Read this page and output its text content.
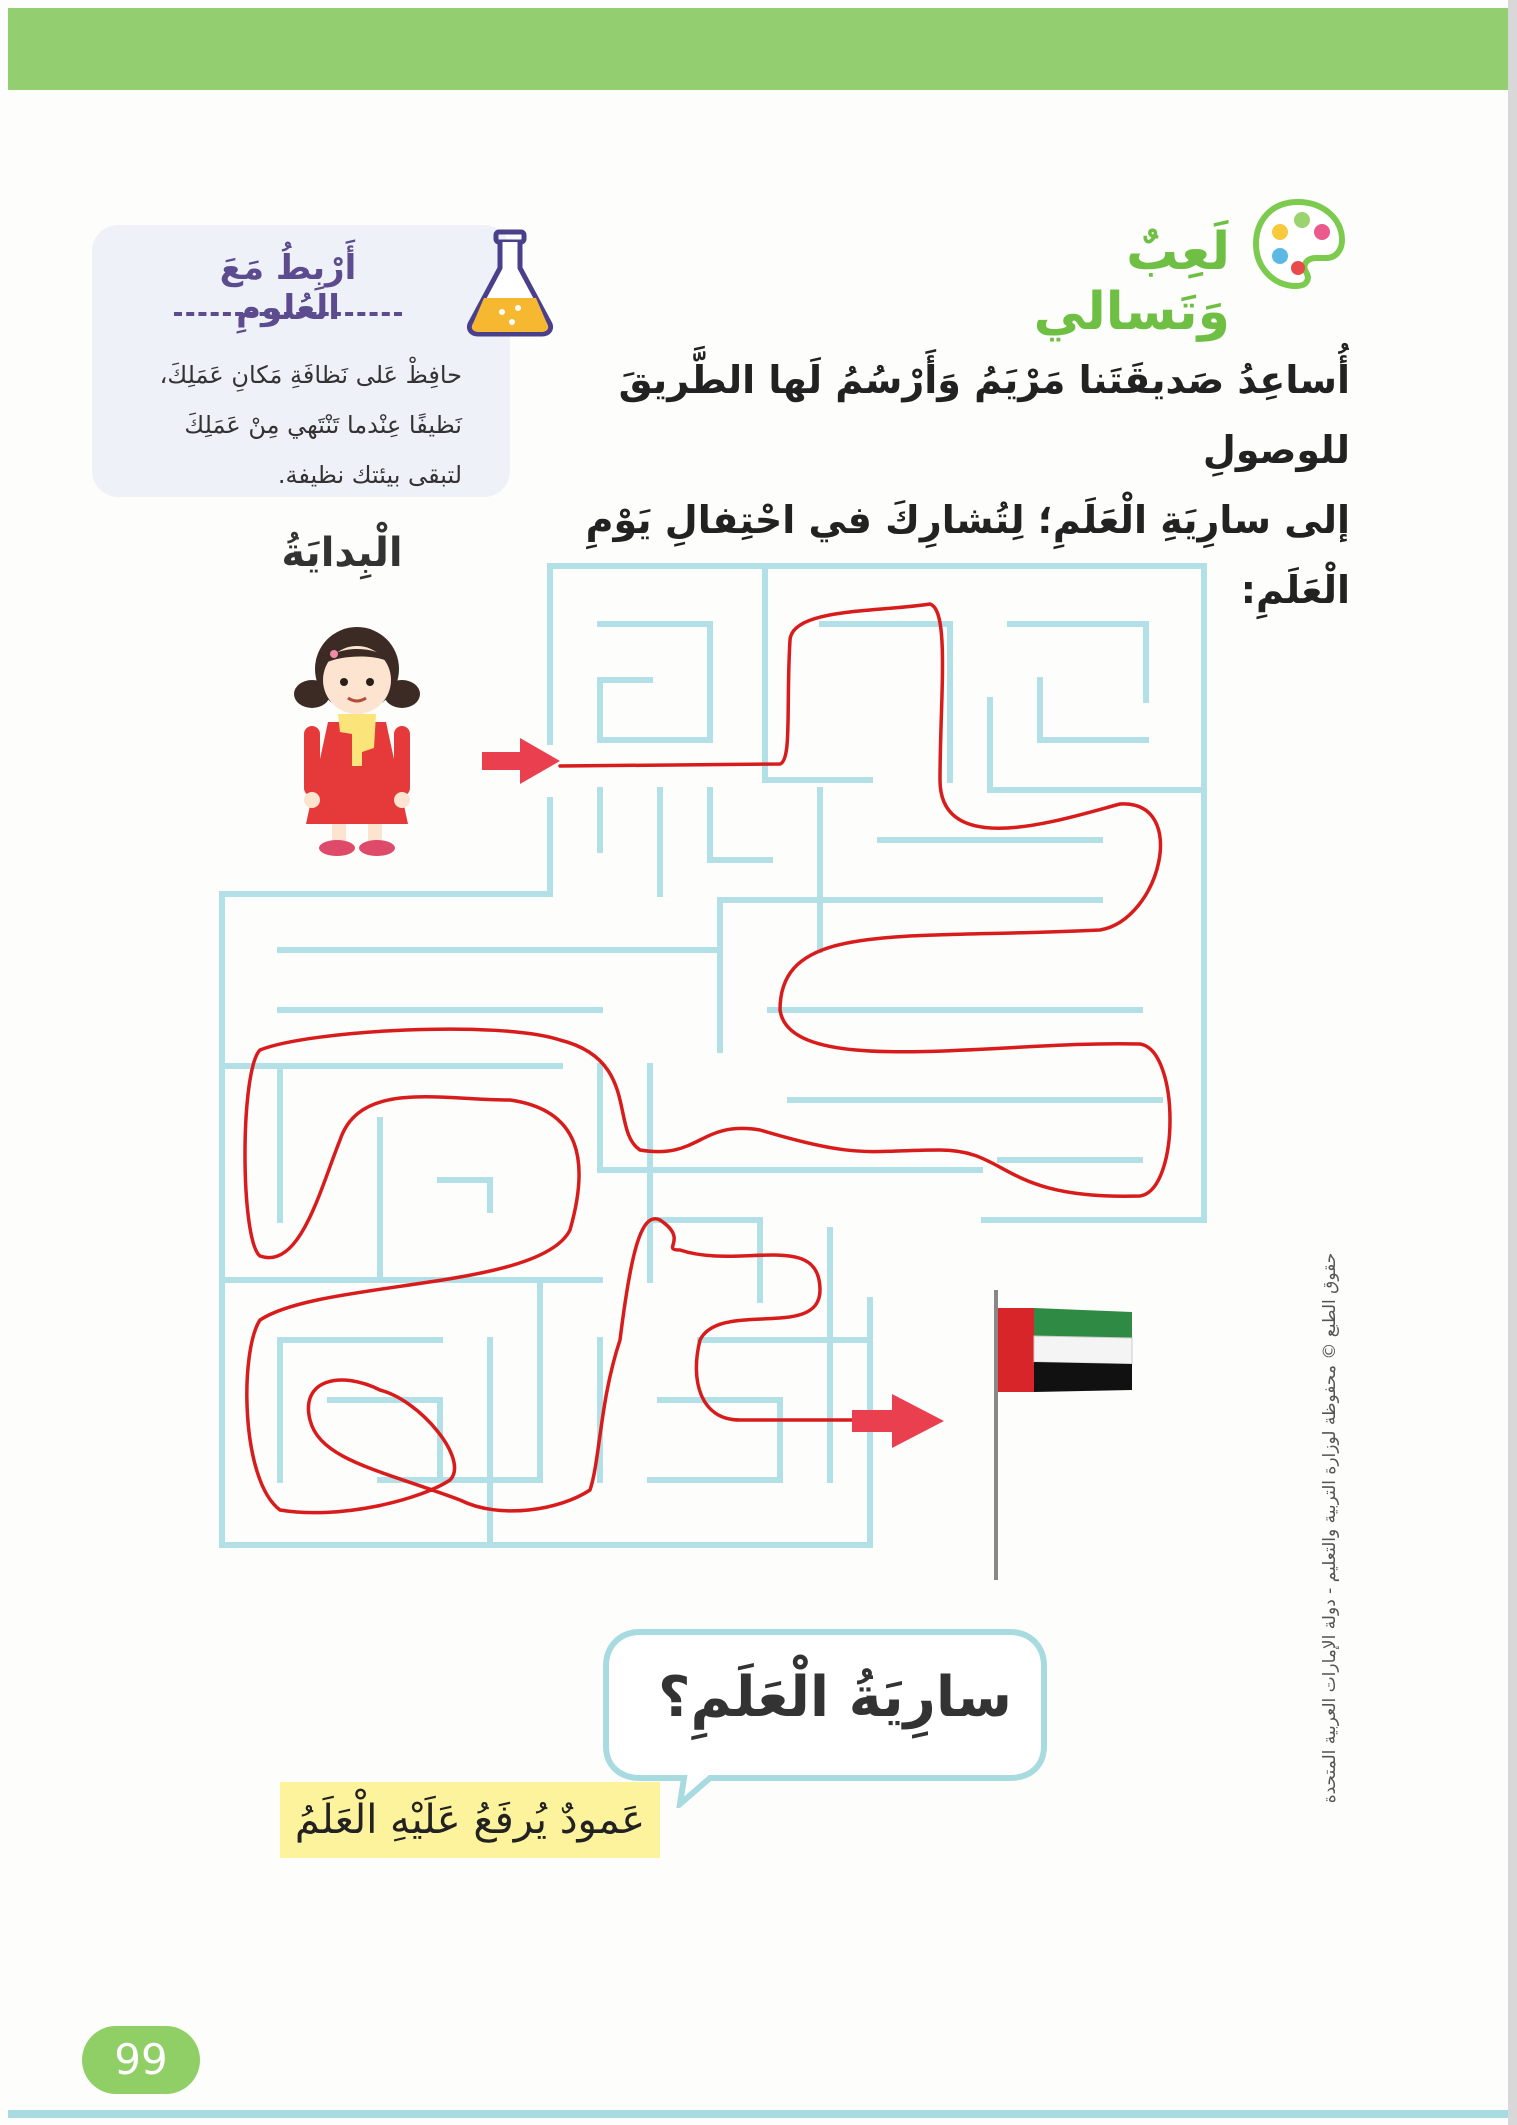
لَعِبٌ وَتَسالي
أُساعِدُ صَديقَتَنا مَرْيَمُ وَأَرْسُمُ لَها الطَّريقَ للوصولِ
إلى سارِيَةِ الْعَلَمِ؛ لِتُشارِكَ في احْتِفالِ يَوْمِ الْعَلَمِ:
أَرْبِطُ مَعَ العُلومِ
حافِظْ عَلى نَظافَةِ مَكانِ عَمَلِكَ،
نَظيفًا عِنْدما تَنْتَهي مِنْ عَمَلِكَ
لتبقى بيئتك نظيفة.
الْبِدايَةُ
سارِيَةُ الْعَلَمِ؟
عَمودٌ يُرفَعُ عَلَيْهِ الْعَلَمُ
99
حقوق الطبع © محفوظة لوزارة التربية والتعليم - دولة الإمارات العربية المتحدة
